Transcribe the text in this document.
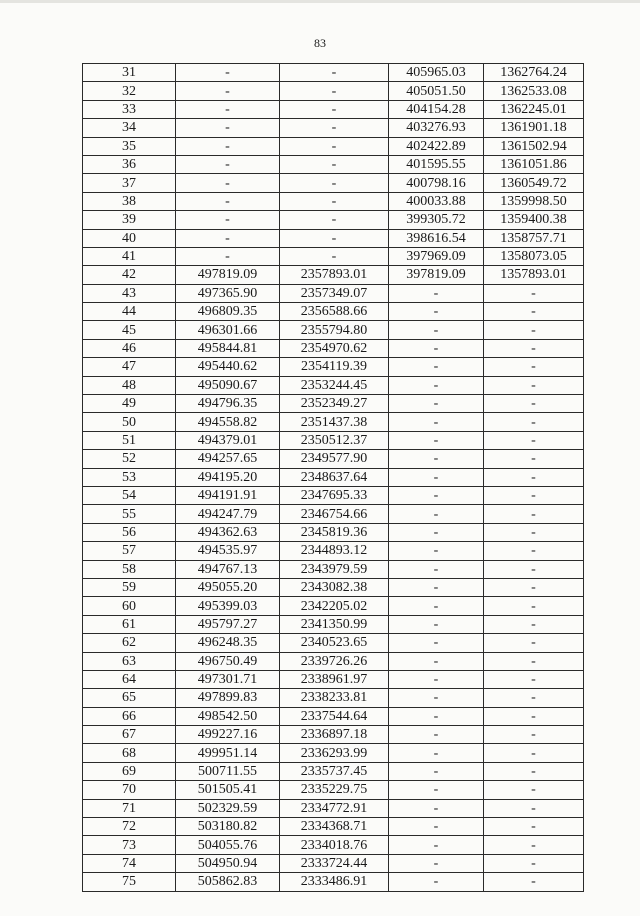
83
31	-	-	405965.03	1362764.24
32	-	-	405051.50	1362533.08
33	-	-	404154.28	1362245.01
34	-	-	403276.93	1361901.18
35	-	-	402422.89	1361502.94
36	-	-	401595.55	1361051.86
37	-	-	400798.16	1360549.72
38	-	-	400033.88	1359998.50
39	-	-	399305.72	1359400.38
40	-	-	398616.54	1358757.71
41	-	-	397969.09	1358073.05
42	497819.09	2357893.01	397819.09	1357893.01
43	497365.90	2357349.07	-	-
44	496809.35	2356588.66	-	-
45	496301.66	2355794.80	-	-
46	495844.81	2354970.62	-	-
47	495440.62	2354119.39	-	-
48	495090.67	2353244.45	-	-
49	494796.35	2352349.27	-	-
50	494558.82	2351437.38	-	-
51	494379.01	2350512.37	-	-
52	494257.65	2349577.90	-	-
53	494195.20	2348637.64	-	-
54	494191.91	2347695.33	-	-
55	494247.79	2346754.66	-	-
56	494362.63	2345819.36	-	-
57	494535.97	2344893.12	-	-
58	494767.13	2343979.59	-	-
59	495055.20	2343082.38	-	-
60	495399.03	2342205.02	-	-
61	495797.27	2341350.99	-	-
62	496248.35	2340523.65	-	-
63	496750.49	2339726.26	-	-
64	497301.71	2338961.97	-	-
65	497899.83	2338233.81	-	-
66	498542.50	2337544.64	-	-
67	499227.16	2336897.18	-	-
68	499951.14	2336293.99	-	-
69	500711.55	2335737.45	-	-
70	501505.41	2335229.75	-	-
71	502329.59	2334772.91	-	-
72	503180.82	2334368.71	-	-
73	504055.76	2334018.76	-	-
74	504950.94	2333724.44	-	-
75	505862.83	2333486.91	-	-
